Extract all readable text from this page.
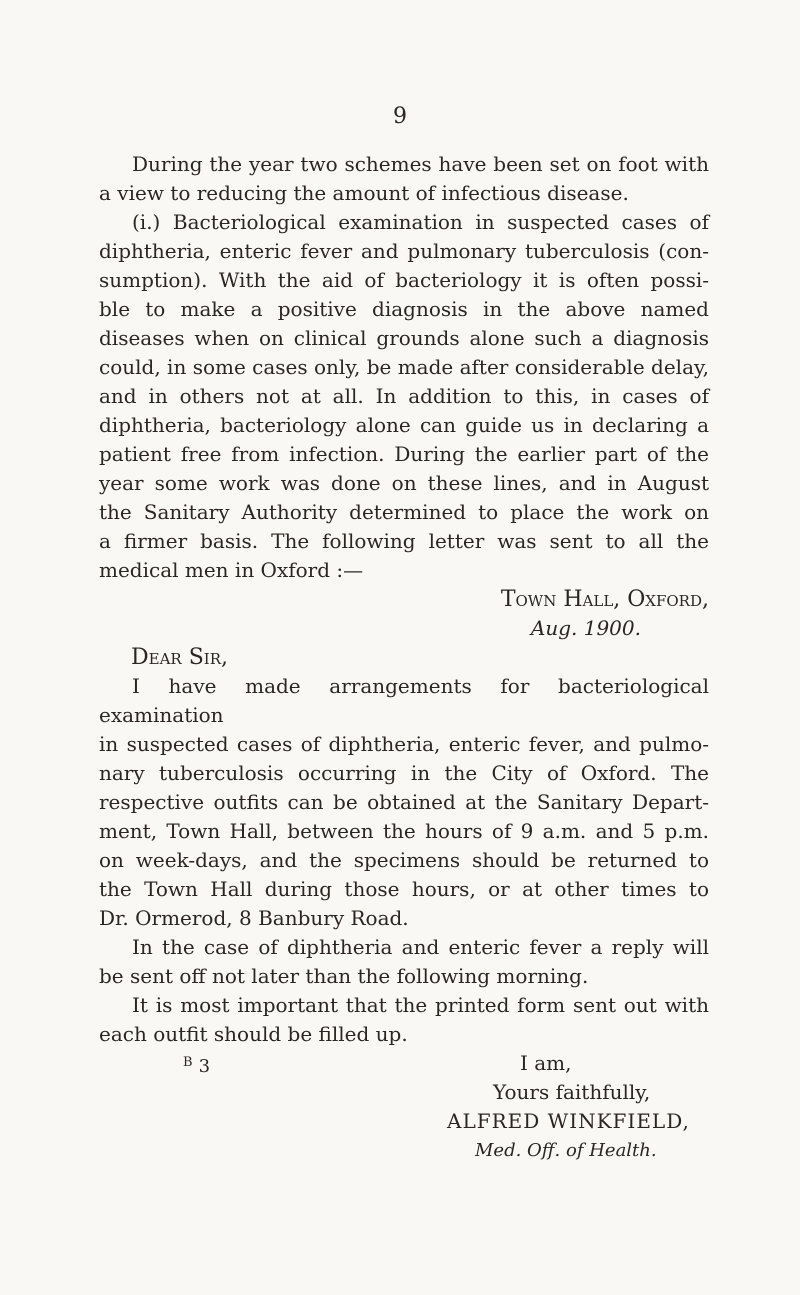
9

During the year two schemes have been set on foot with

a view to reducing the amount of infectious disease.

(i.) Bacteriological examination in suspected cases of

diphtheria, enteric fever and pulmonary tuberculosis (con-

sumption). With the aid of bacteriology it is often possi-

ble to make a positive diagnosis in the above named

diseases when on clinical grounds alone such a diagnosis

could, in some cases only, be made after considerable delay,

and in others not at all. In addition to this, in cases of

diphtheria, bacteriology alone can guide us in declaring a

patient free from infection. During the earlier part of the

year some work was done on these lines, and in August

the Sanitary Authority determined to place the work on

a firmer basis. The following letter was sent to all the

medical men in Oxford :—

Town Hall, Oxford,
Aug. 1900.
Dear Sir,

I have made arrangements for bacteriological examination

in suspected cases of diphtheria, enteric fever, and pulmo-

nary tuberculosis occurring in the City of Oxford. The

respective outfits can be obtained at the Sanitary Depart-

ment, Town Hall, between the hours of 9 a.m. and 5 p.m.

on week-days, and the specimens should be returned to

the Town Hall during those hours, or at other times to

Dr. Ormerod, 8 Banbury Road.

In the case of diphtheria and enteric fever a reply will

be sent off not later than the following morning.

It is most important that the printed form sent out with

each outfit should be filled up.

I am,
Yours faithfully,
ALFRED WINKFIELD,
Med. Off. of Health.
$^B$ 3
